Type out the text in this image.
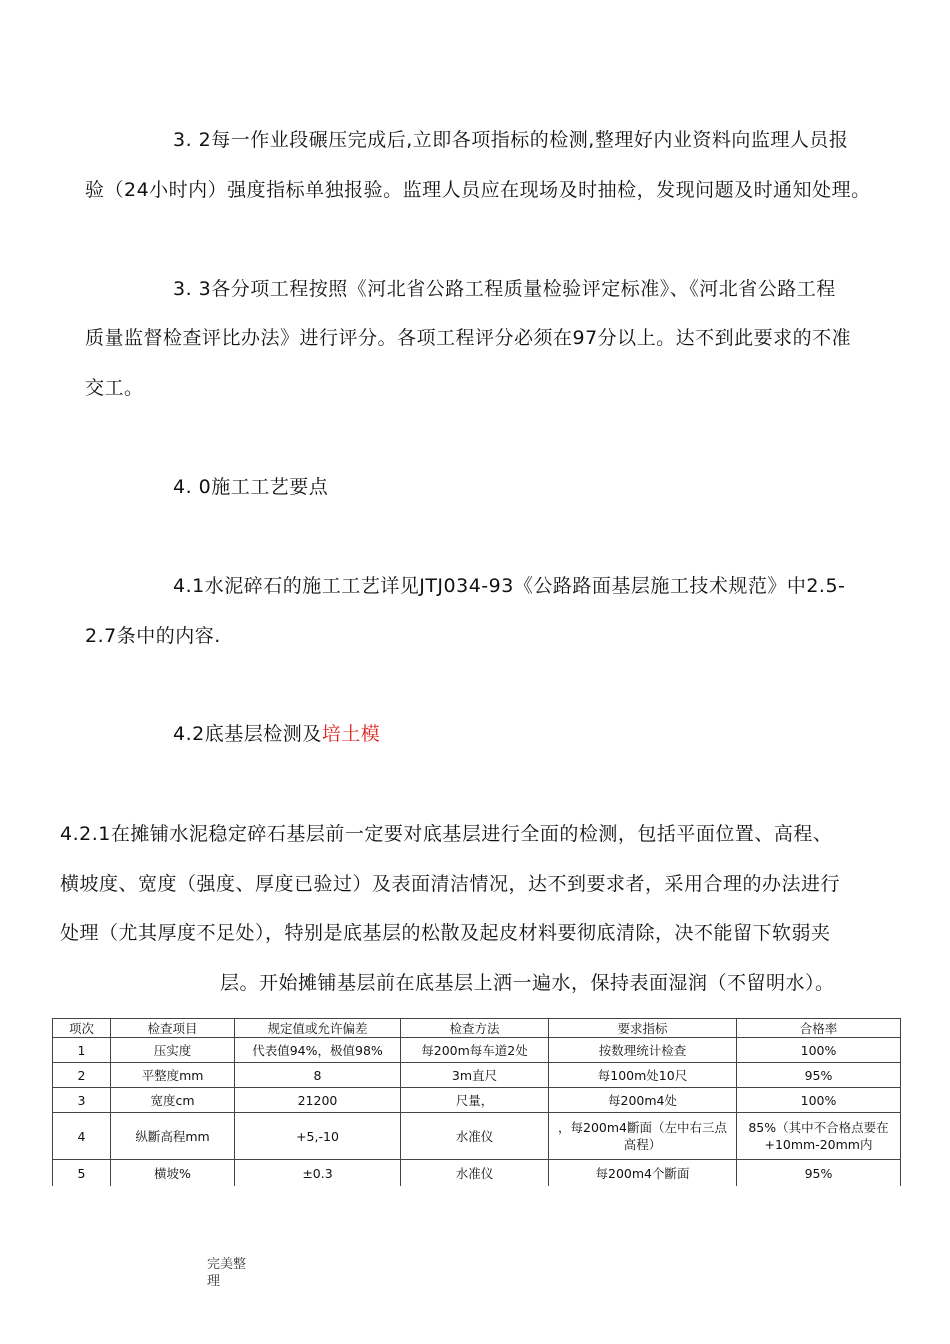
3. 2每一作业段碾压完成后,立即各项指标的检测,整理好内业资料向监理人员报
验（24小时内）强度指标单独报验。监理人员应在现场及时抽检，发现问题及时通知处理。
3. 3各分项工程按照《河北省公路工程质量检验评定标准》、《河北省公路工程
质量监督检查评比办法》进行评分。各项工程评分必须在97分以上。达不到此要求的不准
交工。
4. 0施工工艺要点
4.1水泥碎石的施工工艺详见JTJ034-93《公路路面基层施工技术规范》中2.5-
2.7条中的内容.
4.2底基层检测及培土模
4.2.1在摊铺水泥稳定碎石基层前一定要对底基层进行全面的检测，包括平面位置、高程、
横坡度、宽度（强度、厚度已验过）及表面清洁情况，达不到要求者，采用合理的办法进行
处理（尤其厚度不足处），特别是底基层的松散及起皮材料要彻底清除，决不能留下软弱夹
层。开始摊铺基层前在底基层上洒一遍水，保持表面湿润（不留明水）。
项次	检查项目	规定值或允许偏差	检查方法	要求指标	合格率
1	压实度	代表值94%，极值98%	每200m每车道2处	按数理统计检查	100%
2	平整度mm	8	3m直尺	每100m处10尺	95%
3	宽度cm	21200	尺量，	每200m4处	100%
4	纵斷高程mm	+5,-10	水准仪	，每200m4斷面（左中右三点高程）	85%（其中不合格点要在+10mm-20mm内
5	横坡%	±0.3	水准仪	每200m4个斷面	95%
完美整
理
